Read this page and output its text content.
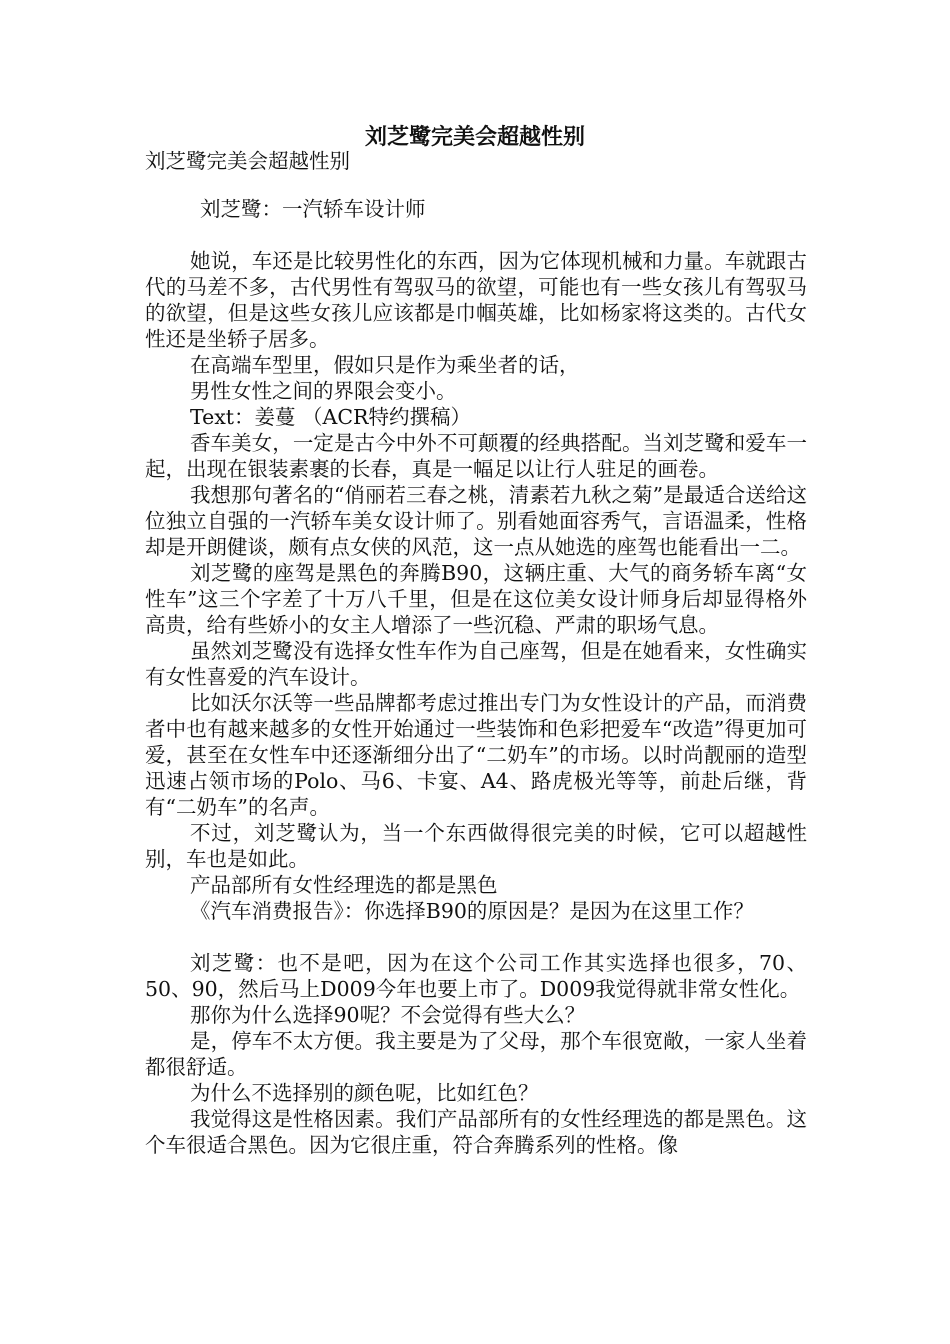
刘芝鹭完美会超越性别

刘芝鹭完美会超越性别

刘芝鹭：一汽轿车设计师

她说，车还是比较男性化的东西，因为它体现机械和力量。车就跟古代的马差不多，古代男性有驾驭马的欲望，可能也有一些女孩儿有驾驭马的欲望，但是这些女孩儿应该都是巾帼英雄，比如杨家将这类的。古代女性还是坐轿子居多。

在高端车型里，假如只是作为乘坐者的话，

男性女性之间的界限会变小。

Text：姜蔓 （ACR特约撰稿）

香车美女，一定是古今中外不可颠覆的经典搭配。当刘芝鹭和爱车一起，出现在银装素裹的长春，真是一幅足以让行人驻足的画卷。

我想那句著名的“俏丽若三春之桃，清素若九秋之菊”是最适合送给这位独立自强的一汽轿车美女设计师了。别看她面容秀气，言语温柔，性格却是开朗健谈，颇有点女侠的风范，这一点从她选的座驾也能看出一二。

刘芝鹭的座驾是黑色的奔腾B90，这辆庄重、大气的商务轿车离“女性车”这三个字差了十万八千里，但是在这位美女设计师身后却显得格外高贵，给有些娇小的女主人增添了一些沉稳、严肃的职场气息。

虽然刘芝鹭没有选择女性车作为自己座驾，但是在她看来，女性确实有女性喜爱的汽车设计。

比如沃尔沃等一些品牌都考虑过推出专门为女性设计的产品，而消费者中也有越来越多的女性开始通过一些装饰和色彩把爱车“改造”得更加可爱，甚至在女性车中还逐渐细分出了“二奶车”的市场。以时尚靓丽的造型迅速占领市场的Polo、马6、卡宴、A4、路虎极光等等，前赴后继，背有“二奶车”的名声。

不过，刘芝鹭认为，当一个东西做得很完美的时候，它可以超越性别，车也是如此。

产品部所有女性经理选的都是黑色

《汽车消费报告》：你选择B90的原因是？是因为在这里工作？

刘芝鹭：也不是吧，因为在这个公司工作其实选择也很多，70、50、90，然后马上D009今年也要上市了。D009我觉得就非常女性化。

那你为什么选择90呢？不会觉得有些大么？

是，停车不太方便。我主要是为了父母，那个车很宽敞，一家人坐着都很舒适。

为什么不选择别的颜色呢，比如红色？

我觉得这是性格因素。我们产品部所有的女性经理选的都是黑色。这个车很适合黑色。因为它很庄重，符合奔腾系列的性格。像
